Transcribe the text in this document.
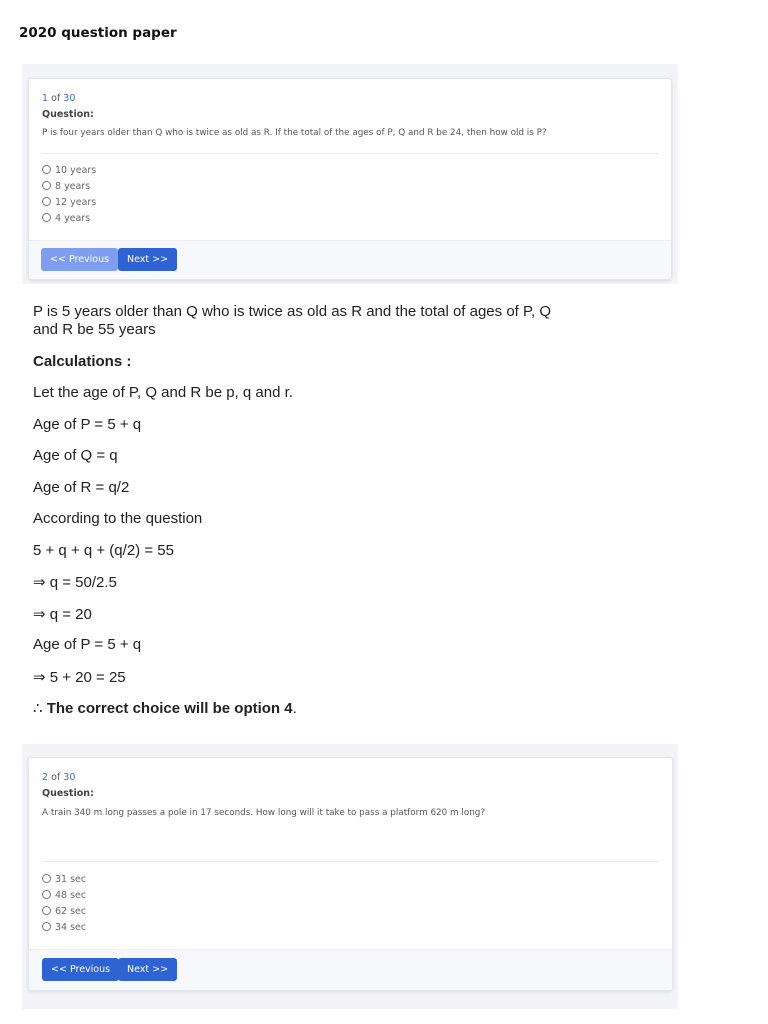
2020 question paper
1 of 30
Question:
P is four years older than Q who is twice as old as R. If the total of the ages of P, Q and R be 24, then how old is P?
10 years
8 years
12 years
4 years
<< Previous	Next >>
P is 5 years older than Q who is twice as old as R and the total of ages of P, Q
and R be 55 years
Calculations :
Let the age of P, Q and R be p, q and r.
Age of P = 5 + q
Age of Q = q
Age of R = q/2
According to the question
5 + q + q + (q/2) = 55
⇒ q = 50/2.5
⇒ q = 20
Age of P = 5 + q
⇒ 5 + 20 = 25
∴ The correct choice will be option 4.
2 of 30
Question:
A train 340 m long passes a pole in 17 seconds. How long will it take to pass a platform 620 m long?
31 sec
48 sec
62 sec
34 sec
<< Previous	Next >>
